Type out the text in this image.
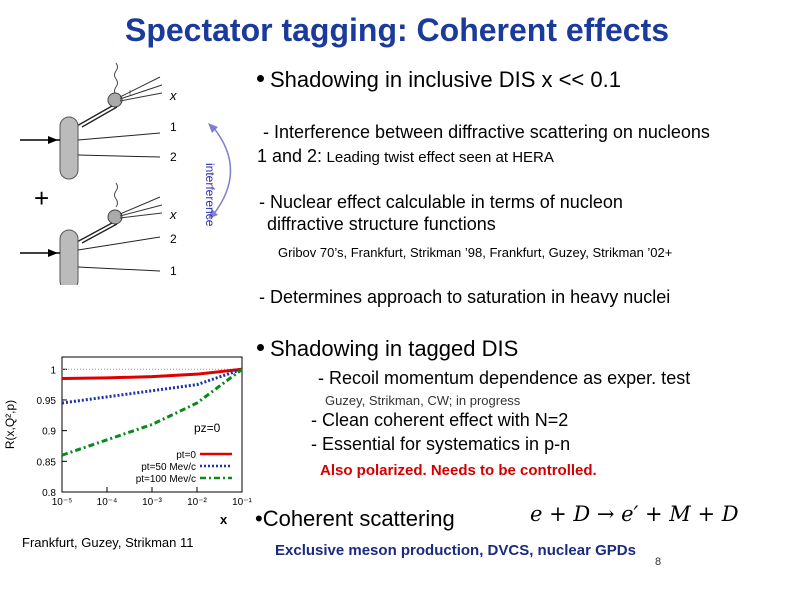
Spectator tagging: Coherent effects
x
1
2
+
x
2
1
interference
Shadowing in inclusive DIS x << 0.1
- Interference between diffractive scattering on nucleons
1 and 2: Leading twist effect seen at HERA
- Nuclear effect calculable in terms of nucleon
diffractive structure functions
Gribov 70’s, Frankfurt, Strikman ’98, Frankfurt, Guzey, Strikman ’02+
- Determines approach to saturation in heavy nuclei
Shadowing in tagged DIS
- Recoil momentum dependence as exper. test
Guzey, Strikman, CW; in progress
- Clean coherent effect with N=2
- Essential for systematics in p-n
Also polarized. Needs to be controlled.
•Coherent scattering	e + D → e′ + M + D
Exclusive meson production, DVCS, nuclear GPDs
8
10⁻⁵ 10⁻⁴ 10⁻³	10⁻²	10⁻¹
0.8
0.85
0.9
0.95
1
pt=0
pt=50 Mev/c
pt=100 Mev/c
pz=0
R(x,Q²,p)
x
Frankfurt, Guzey, Strikman 11
